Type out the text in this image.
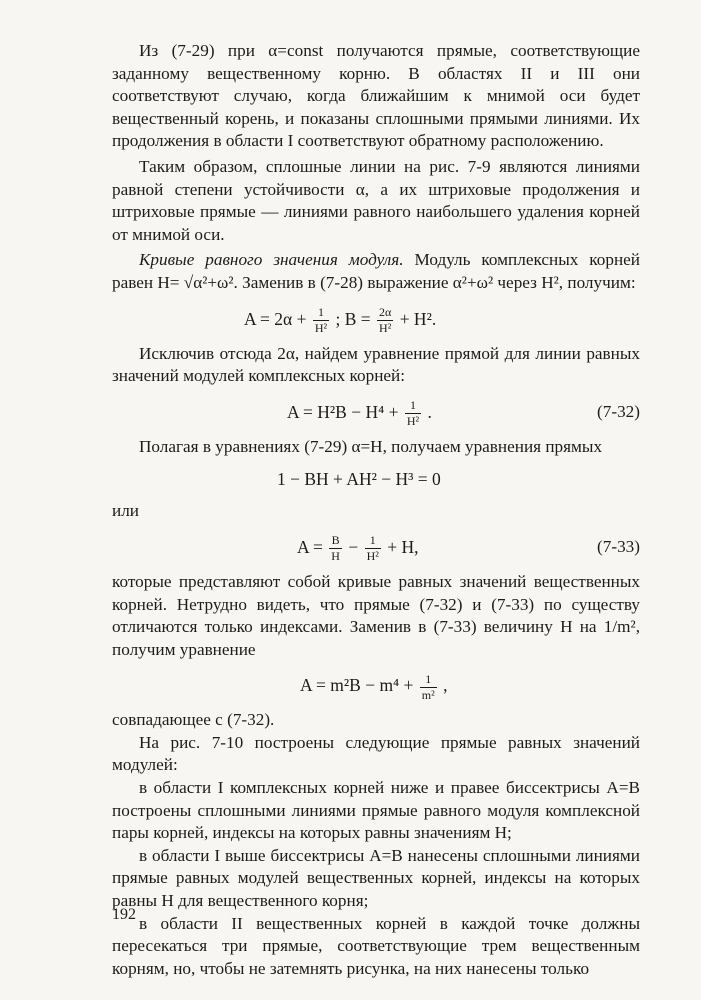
Из (7-29) при α=const получаются прямые, соответствующие заданному вещественному корню. В областях II и III они соответствуют случаю, когда ближайшим к мнимой оси будет вещественный корень, и показаны сплошными прямыми линиями. Их продолжения в области I соответствуют обратному расположению.

Таким образом, сплошные линии на рис. 7-9 являются линиями равной степени устойчивости α, а их штриховые продолжения и штриховые прямые — линиями равного наибольшего удаления корней от мнимой оси.

Кривые равного значения модуля. Модуль комплексных корней равен H= √α²+ω². Заменив в (7-28) выражение α²+ω² через H², получим:

$A = 2\alpha + \frac{1}{\text{H²}}$ ; $B = \frac{2\alpha}{\text{H²}} + H^2$.

Исключив отсюда 2α, найдем уравнение прямой для линии равных значений модулей комплексных корней:

$A = H^2B - H^4 + \frac{1}{\text{H²}}$ .	(7-32)

Полагая в уравнениях (7-29) α=H, получаем уравнения прямых

1 − BH + AH² − H³ = 0

или

$A = \frac{B}{H} - \frac{1}{\text{H²}} + H$,	(7-33)

которые представляют собой кривые равных значений вещественных корней. Нетрудно видеть, что прямые (7-32) и (7-33) по существу отличаются только индексами. Заменив в (7-33) величину H на 1/m², получим уравнение

$A = m^2B - m^4 + \frac{1}{\text{m²}}$ ,

совпадающее с (7-32).

На рис. 7-10 построены следующие прямые равных значений модулей:

в области I комплексных корней ниже и правее биссектрисы A=B построены сплошными линиями прямые равного модуля комплексной пары корней, индексы на которых равны значениям H;

в области I выше биссектрисы A=B нанесены сплошными линиями прямые равных модулей вещественных корней, индексы на которых равны H для вещественного корня;

в области II вещественных корней в каждой точке должны пересекаться три прямые, соответствующие трем вещественным корням, но, чтобы не затемнять рисунка, на них нанесены только

192
